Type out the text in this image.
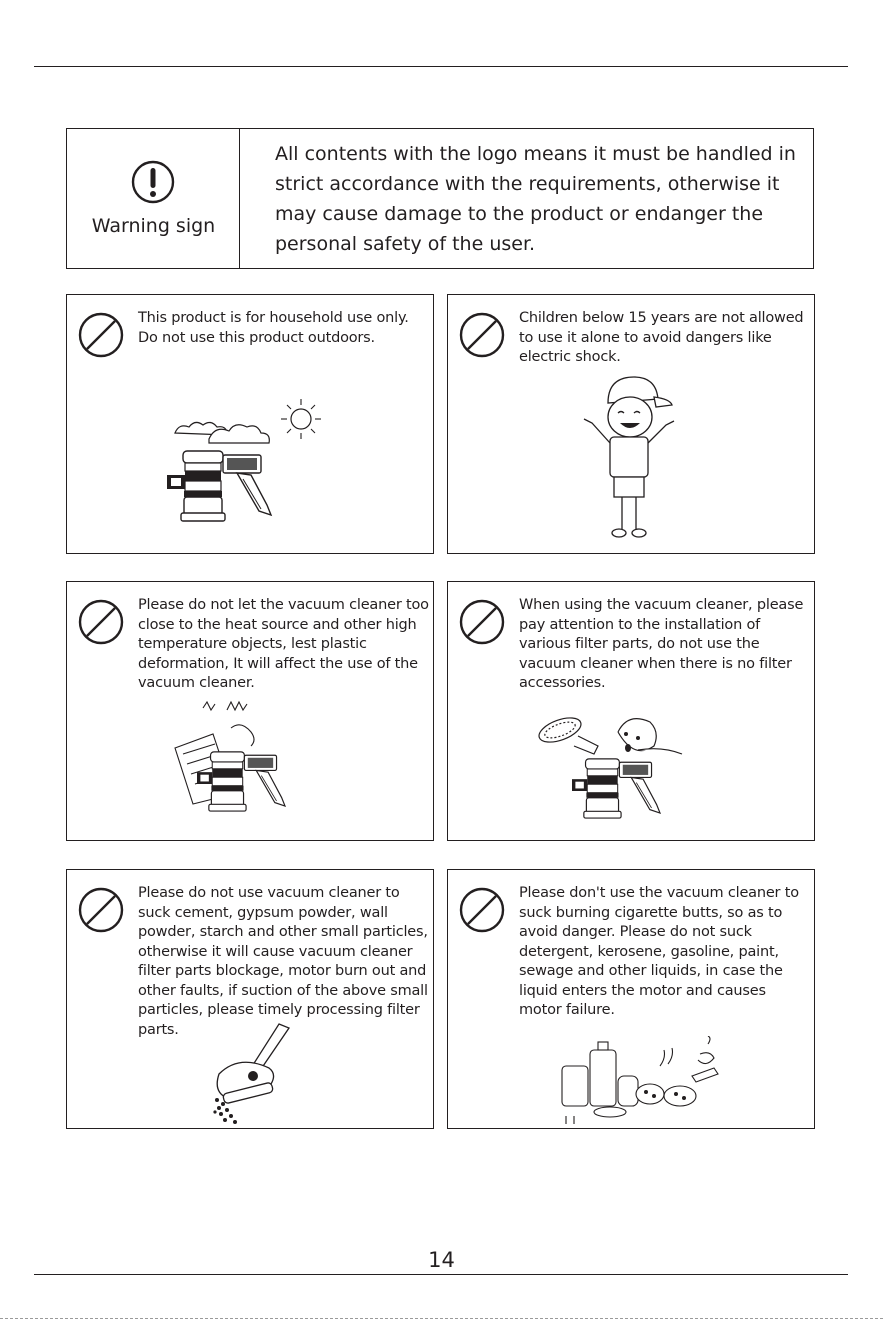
Warning sign
All contents with the logo means it must be handled in strict accordance with the requirements, otherwise it may cause damage to the product or endanger the personal safety of the user.
This product is for household use only. Do not use this product outdoors.
Children below 15 years are not allowed to use it alone to avoid dangers like electric shock.
Please do not let the vacuum cleaner too close to the heat source and other high temperature objects, lest plastic deformation, It will affect the use of the vacuum cleaner.
When using the vacuum cleaner, please pay attention to the installation of various filter parts, do not use the vacuum cleaner when there is no filter accessories.
Please do not use vacuum cleaner to suck cement, gypsum powder, wall powder, starch and other small particles, otherwise it will cause vacuum cleaner filter parts blockage, motor burn out and other faults, if suction of the above small particles, please timely processing filter parts.
Please don't use the vacuum cleaner to suck burning cigarette butts, so as to avoid danger. Please do not suck detergent, kerosene, gasoline, paint, sewage and other liquids, in case the liquid enters the motor and causes motor failure.
14
